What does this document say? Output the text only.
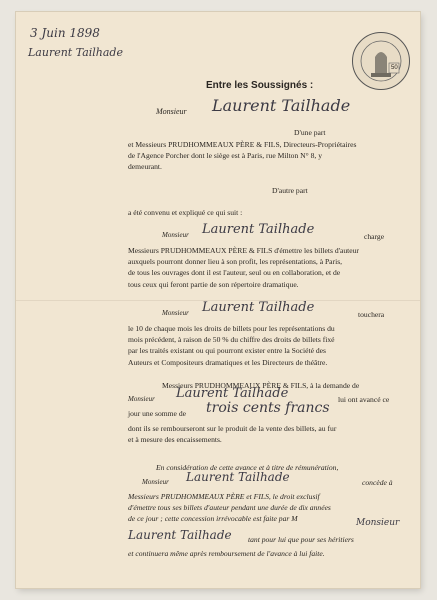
3 Juin 1898
Laurent Tailhade
50
Entre les Soussignés :
Monsieur Laurent Tailhade
D'une part
et Messieurs PRUDHOMMEAUX PÈRE & FILS, Directeurs-Propriétaires
de l'Agence Porcher dont le siège est à Paris, rue Milton N° 8, y
demeurant.
D'autre part
a été convenu et expliqué ce qui suit :
Monsieur Laurent Tailhade	charge
Messieurs PRUDHOMMEAUX PÈRE & FILS d'émettre les billets d'auteur
auxquels pourront donner lieu à son profit, les représentations, à Paris,
de tous les ouvrages dont il est l'auteur, seul ou en collaboration, et de
tous ceux qui feront partie de son répertoire dramatique.
Monsieur Laurent Tailhade	touchera
le 10 de chaque mois les droits de billets pour les représentations du
mois précédent, à raison de 50 % du chiffre des droits de billets fixé
par les traités existant ou qui pourront exister entre la Société des
Auteurs et Compositeurs dramatiques et les Directeurs de théâtre.
Messieurs PRUDHOMMEAUX PÈRE & FILS, à la demande de
Monsieur Laurent Tailhade	lui ont avancé ce
jour une somme de trois cents francs
dont ils se rembourseront sur le produit de la vente des billets, au fur
et à mesure des encaissements.
En considération de cette avance et à titre de rémunération,
Monsieur Laurent Tailhade	concède à
Messieurs PRUDHOMMEAUX PÈRE et FILS, le droit exclusif
d'émettre tous ses billets d'auteur pendant une durée de dix années
de ce jour ; cette concession irrévocable est faite par M	Monsieur
Laurent Tailhade tant pour lui que pour ses héritiers
et continuera même après remboursement de l'avance à lui faite.
